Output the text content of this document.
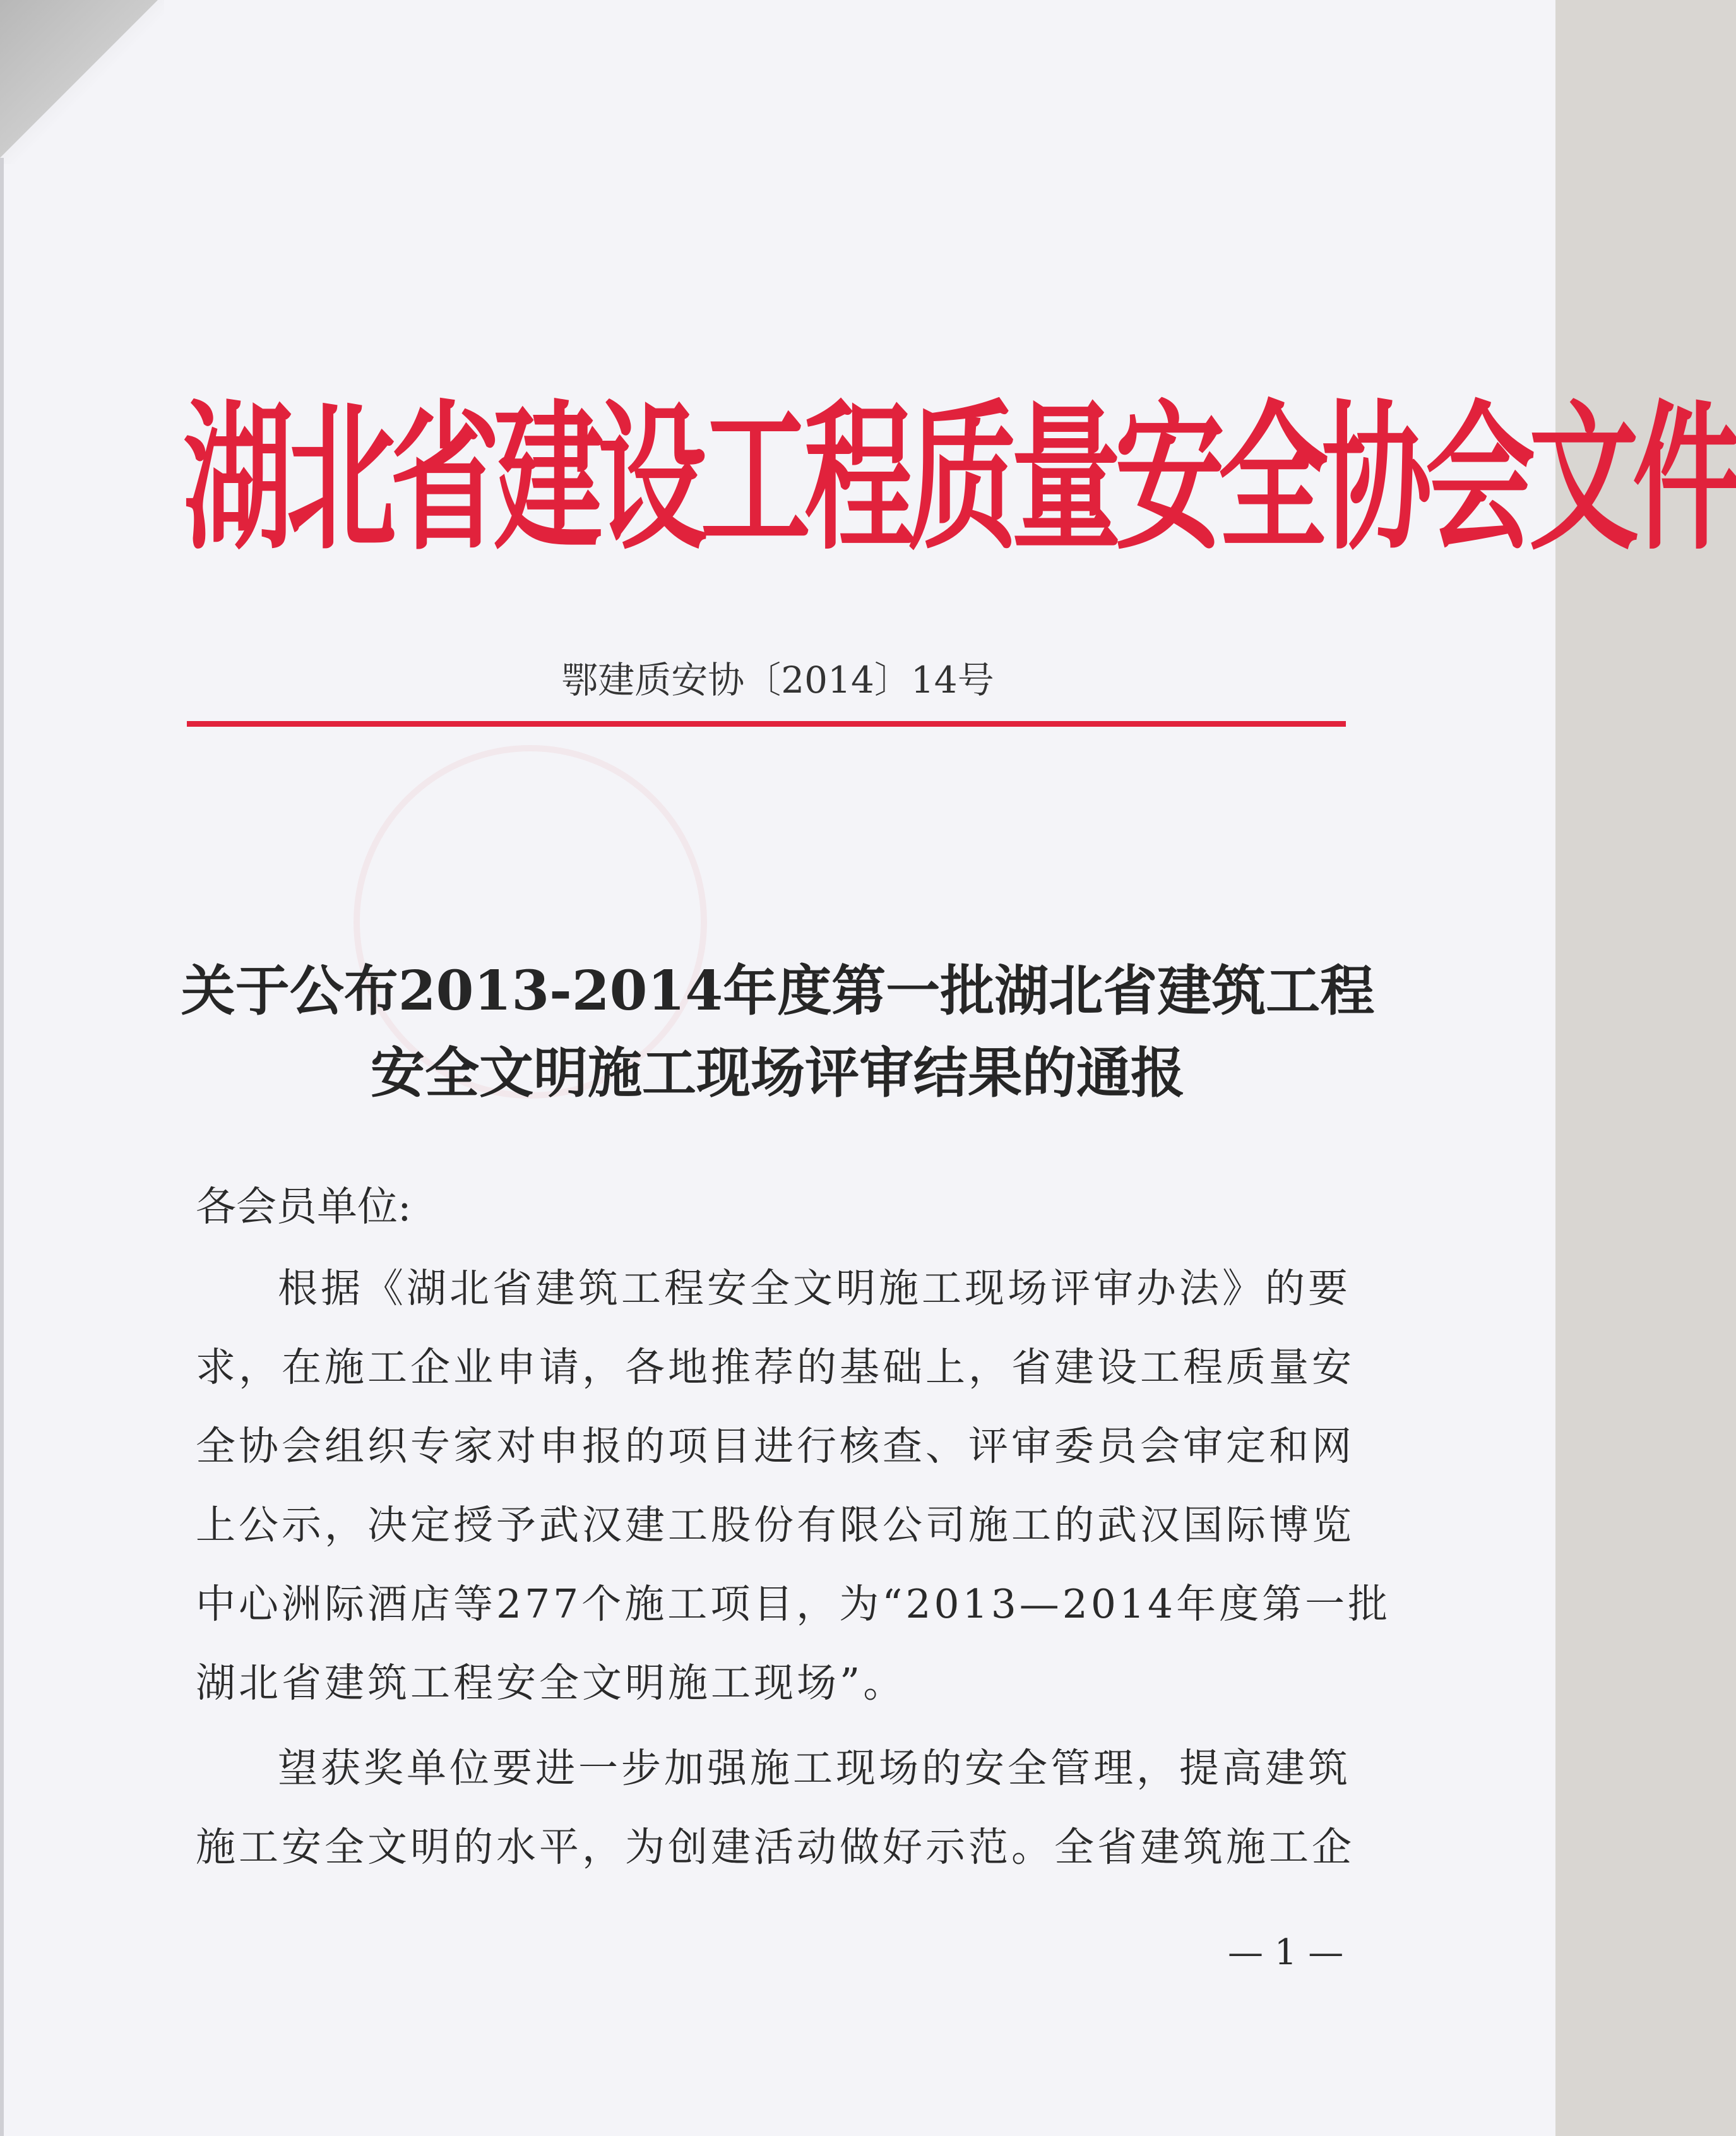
湖北省建设工程质量安全协会文件
鄂建质安协〔2014〕14号
关于公布2013-2014年度第一批湖北省建筑工程
安全文明施工现场评审结果的通报
各会员单位:
根据《湖北省建筑工程安全文明施工现场评审办法》的要
求，在施工企业申请，各地推荐的基础上，省建设工程质量安
全协会组织专家对申报的项目进行核查、评审委员会审定和网
上公示，决定授予武汉建工股份有限公司施工的武汉国际博览
中心洲际酒店等277个施工项目，为“2013—2014年度第一批
湖北省建筑工程安全文明施工现场”。
望获奖单位要进一步加强施工现场的安全管理，提高建筑
施工安全文明的水平，为创建活动做好示范。全省建筑施工企
— 1 —
